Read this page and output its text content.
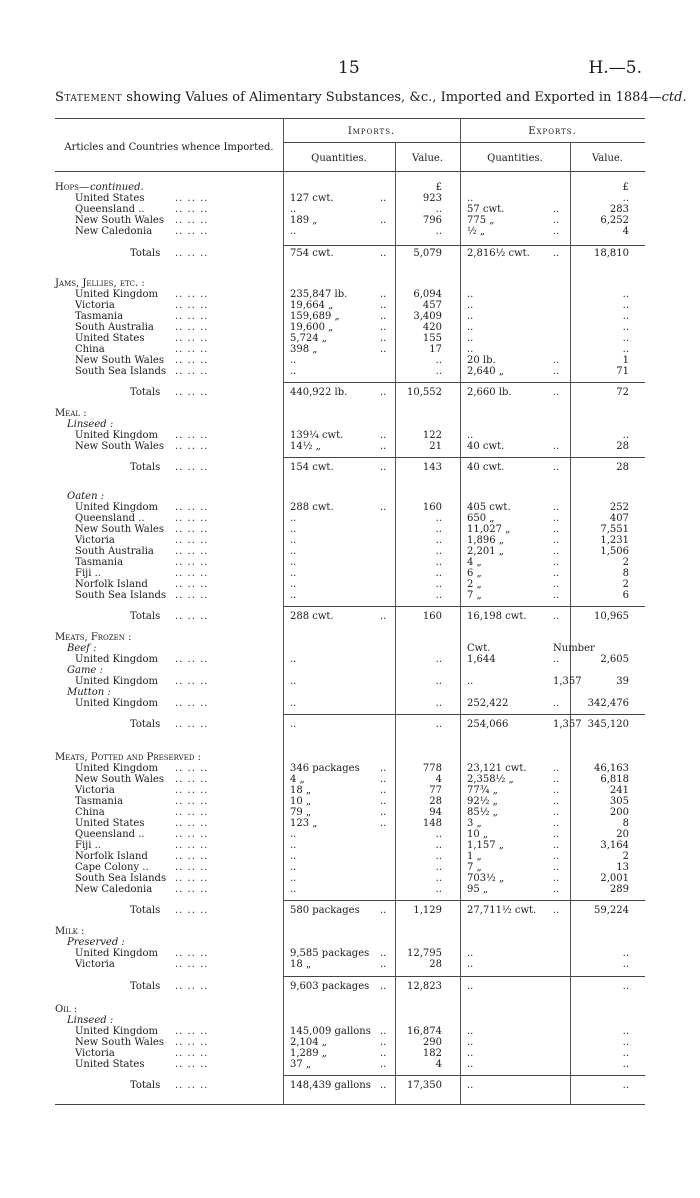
15	H.—5.
Statement showing Values of Alimentary Substances, &c., Imported and Exported in 1884—ctd.
Articles and Countries whence Imported.
Imports.	Exports.
Quantities.	Value.	Quantities.	Value.
Hops— continued.	£	£
United States	.. .. ..	127 cwt.	..	923	..	..
Queensland ..	.. .. ..	..	..	57 cwt.	..	283
New South Wales .. .. ..	189 „	..	796	775 „	..	6,252
New Caledonia .. .. ..	..	..	½ „	..	4
Totals .. .. ..	754 cwt.	..	5,079	2,816½ cwt. ..	18,810
Jams, Jellies, etc. :
United Kingdom .. .. ..	235,847 lb.	..	6,094	..	..
Victoria	.. .. ..	19,664 „	..	457	..	..
Tasmania	.. .. ..	159,689 „	..	3,409	..	..
South Australia .. .. ..	19,600 „	..	420	..	..
United States	.. .. ..	5,724 „	..	155	..	..
China	.. .. ..	398 „	..	17	..	..
New South Wales .. .. ..	..	..	20 lb.	..	1
South Sea Islands .. .. ..	..	..	2,640 „	..	71
Totals .. .. ..	440,922 lb.	.. 10,552	2,660 lb.	..	72
Meal :
Linseed :
United Kingdom .. .. ..	139¼ cwt.	..	122	..	..
New South Wales .. .. ..	14½ „	..	21	40 cwt.	..	28
Totals .. .. ..	154 cwt.	..	143	40 cwt.	..	28
Oaten :
United Kingdom .. .. ..	288 cwt.	..	160	405 cwt.	..	252
Queensland ..	.. .. ..	..	..	650 „	..	407
New South Wales .. .. ..	..	..	11,027 „	..	7,551
Victoria	.. .. ..	..	..	1,896 „	..	1,231
South Australia .. .. ..	..	..	2,201 „	..	1,506
Tasmania	.. .. ..	..	..	4 „	..	2
Fiji ..	.. .. ..	..	..	6 „	..	8
Norfolk Island	.. .. ..	..	..	2 „	..	2
South Sea Islands .. .. ..	..	..	7 „	..	6
Totals .. .. ..	288 cwt.	..	160	16,198 cwt.	..	10,965
Meats, Frozen :
Beef :	Cwt.	Number
United Kingdom .. .. ..	..	..	1,644	..	2,605
Game :
United Kingdom .. .. ..	..	..	..	1,357	39
Mutton :
United Kingdom .. .. ..	..	..	252,422	..	342,476
Totals .. .. ..	..	..	254,066	1,357 345,120
Meats, Potted and Preserved :
United Kingdom .. .. ..	346 packages ..	778	23,121 cwt.	..	46,163
New South Wales .. .. ..	4 „	..	4	2,358½ „	..	6,818
Victoria	.. .. ..	18 „	..	77	77¾ „	..	241
Tasmania	.. .. ..	10 „	..	28	92½ „	..	305
China	.. .. ..	79 „	..	94	85½ „	..	200
United States	.. .. ..	123 „	..	148	3 „	..	8
Queensland ..	.. .. ..	..	..	10 „	..	20
Fiji ..	.. .. ..	..	..	1,157 „	..	3,164
Norfolk Island	.. .. ..	..	..	1 „	..	2
Cape Colony ..	.. .. ..	..	..	7 „	..	13
South Sea Islands .. .. ..	..	..	703½ „	..	2,001
New Caledonia .. .. ..	..	..	95 „	..	289
Totals .. .. ..	580 packages ..	1,129	27,711½ cwt. ..	59,224
Milk :
Preserved :
United Kingdom .. .. ..	9,585 packages .. 12,795	..	..
Victoria	.. .. ..	18 „	..	28	..	..
Totals .. .. ..	9,603 packages .. 12,823	..	..
Oil :
Linseed :
United Kingdom .. .. ..	145,009 gallons .. 16,874	..	..
New South Wales .. .. ..	2,104 „	..	290	..	..
Victoria	.. .. ..	1,289 „	..	182	..	..
United States	.. .. ..	37 „	..	4	..	..
Totals .. .. ..	148,439 gallons .. 17,350	..	..
